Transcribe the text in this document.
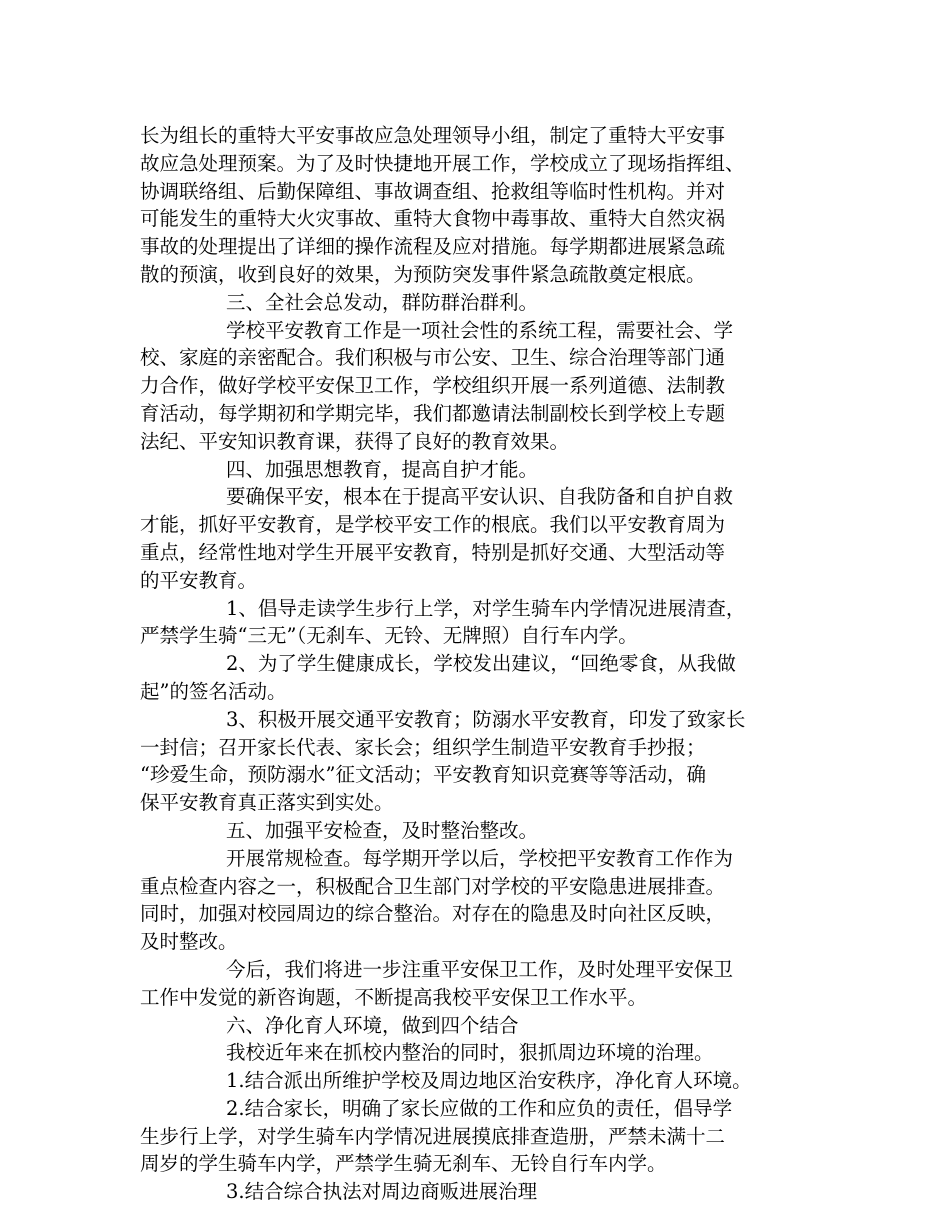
长为组长的重特大平安事故应急处理领导小组，制定了重特大平安事
故应急处理预案。为了及时快捷地开展工作，学校成立了现场指挥组、
协调联络组、后勤保障组、事故调查组、抢救组等临时性机构。并对
可能发生的重特大火灾事故、重特大食物中毒事故、重特大自然灾祸
事故的处理提出了详细的操作流程及应对措施。每学期都进展紧急疏
散的预演，收到良好的效果，为预防突发事件紧急疏散奠定根底。
三、全社会总发动，群防群治群利。
学校平安教育工作是一项社会性的系统工程，需要社会、学
校、家庭的亲密配合。我们积极与市公安、卫生、综合治理等部门通
力合作，做好学校平安保卫工作，学校组织开展一系列道德、法制教
育活动，每学期初和学期完毕，我们都邀请法制副校长到学校上专题
法纪、平安知识教育课，获得了良好的教育效果。
四、加强思想教育，提高自护才能。
要确保平安，根本在于提高平安认识、自我防备和自护自救
才能，抓好平安教育，是学校平安工作的根底。我们以平安教育周为
重点，经常性地对学生开展平安教育，特别是抓好交通、大型活动等
的平安教育。
1、倡导走读学生步行上学，对学生骑车内学情况进展清查，
严禁学生骑“三无”（无刹车、无铃、无牌照）自行车内学。
2、为了学生健康成长，学校发出建议，“回绝零食，从我做
起”的签名活动。
3、积极开展交通平安教育；防溺水平安教育，印发了致家长
一封信；召开家长代表、家长会；组织学生制造平安教育手抄报；
“珍爱生命，预防溺水”征文活动；平安教育知识竞赛等等活动，确
保平安教育真正落实到实处。
五、加强平安检查，及时整治整改。
开展常规检查。每学期开学以后，学校把平安教育工作作为
重点检查内容之一，积极配合卫生部门对学校的平安隐患进展排查。
同时，加强对校园周边的综合整治。对存在的隐患及时向社区反映，
及时整改。
今后，我们将进一步注重平安保卫工作，及时处理平安保卫
工作中发觉的新咨询题，不断提高我校平安保卫工作水平。
六、净化育人环境，做到四个结合
我校近年来在抓校内整治的同时，狠抓周边环境的治理。
1.结合派出所维护学校及周边地区治安秩序，净化育人环境。
2.结合家长，明确了家长应做的工作和应负的责任，倡导学
生步行上学，对学生骑车内学情况进展摸底排查造册，严禁未满十二
周岁的学生骑车内学，严禁学生骑无刹车、无铃自行车内学。
3.结合综合执法对周边商贩进展治理
